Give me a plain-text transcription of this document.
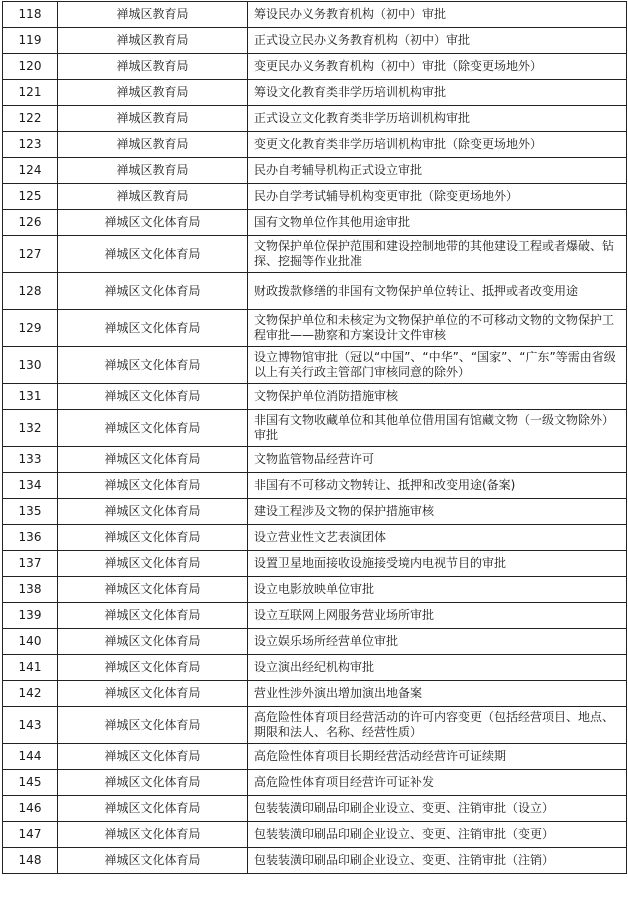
118	禅城区教育局	筹设民办义务教育机构（初中）审批
119	禅城区教育局	正式设立民办义务教育机构（初中）审批
120	禅城区教育局	变更民办义务教育机构（初中）审批（除变更场地外）
121	禅城区教育局	筹设文化教育类非学历培训机构审批
122	禅城区教育局	正式设立文化教育类非学历培训机构审批
123	禅城区教育局	变更文化教育类非学历培训机构审批（除变更场地外）
124	禅城区教育局	民办自考辅导机构正式设立审批
125	禅城区教育局	民办自学考试辅导机构变更审批（除变更场地外）
126	禅城区文化体育局	国有文物单位作其他用途审批
127	禅城区文化体育局	文物保护单位保护范围和建设控制地带的其他建设工程或者爆破、钻探、挖掘等作业批准
128	禅城区文化体育局	财政拨款修缮的非国有文物保护单位转让、抵押或者改变用途
129	禅城区文化体育局	文物保护单位和未核定为文物保护单位的不可移动文物的文物保护工程审批——勘察和方案设计文件审核
130	禅城区文化体育局	设立博物馆审批（冠以“中国”、“中华”、“国家”、“广东”等需由省级以上有关行政主管部门审核同意的除外）
131	禅城区文化体育局	文物保护单位消防措施审核
132	禅城区文化体育局	非国有文物收藏单位和其他单位借用国有馆藏文物（一级文物除外）审批
133	禅城区文化体育局	文物监管物品经营许可
134	禅城区文化体育局	非国有不可移动文物转让、抵押和改变用途(备案)
135	禅城区文化体育局	建设工程涉及文物的保护措施审核
136	禅城区文化体育局	设立营业性文艺表演团体
137	禅城区文化体育局	设置卫星地面接收设施接受境内电视节目的审批
138	禅城区文化体育局	设立电影放映单位审批
139	禅城区文化体育局	设立互联网上网服务营业场所审批
140	禅城区文化体育局	设立娱乐场所经营单位审批
141	禅城区文化体育局	设立演出经纪机构审批
142	禅城区文化体育局	营业性涉外演出增加演出地备案
143	禅城区文化体育局	高危险性体育项目经营活动的许可内容变更（包括经营项目、地点、期限和法人、名称、经营性质）
144	禅城区文化体育局	高危险性体育项目长期经营活动经营许可证续期
145	禅城区文化体育局	高危险性体育项目经营许可证补发
146	禅城区文化体育局	包装装潢印刷品印刷企业设立、变更、注销审批（设立）
147	禅城区文化体育局	包装装潢印刷品印刷企业设立、变更、注销审批（变更）
148	禅城区文化体育局	包装装潢印刷品印刷企业设立、变更、注销审批（注销）
